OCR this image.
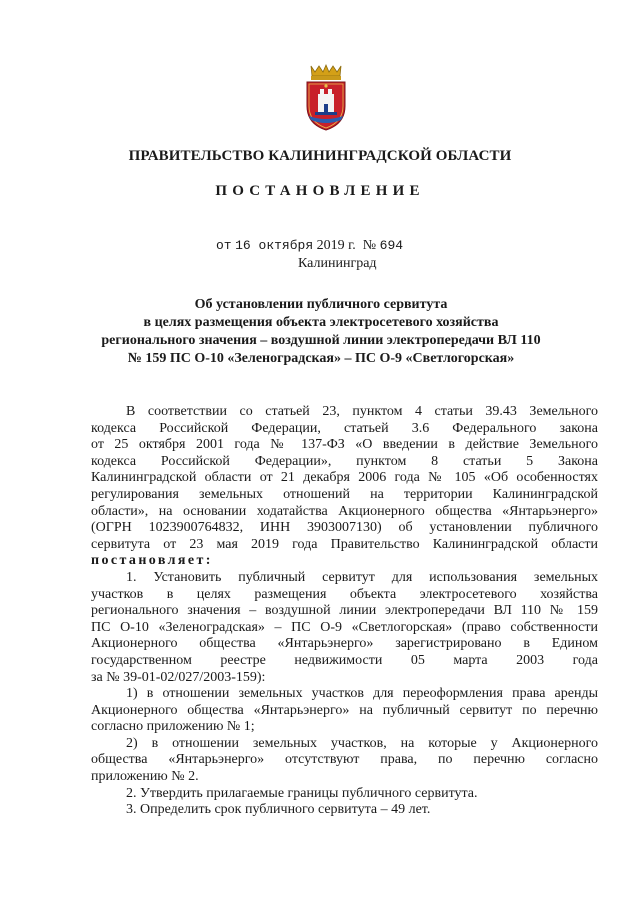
ПРАВИТЕЛЬСТВО КАЛИНИНГРАДСКОЙ ОБЛАСТИ
ПОСТАНОВЛЕНИЕ
от 16 октября 2019 г. № 694
Калининград
Об установлении публичного сервитута
в целях размещения объекта электросетевого хозяйства
регионального значения – воздушной линии электропередачи ВЛ 110
№ 159 ПС О-10 «Зеленоградская» – ПС О-9 «Светлогорская»
В соответствии со статьей 23, пунктом 4 статьи 39.43 Земельного
кодекса Российской Федерации, статьей 3.6 Федерального закона
от 25 октября 2001 года № 137-ФЗ «О введении в действие Земельного
кодекса Российской Федерации», пунктом 8 статьи 5 Закона
Калининградской области от 21 декабря 2006 года № 105 «Об особенностях
регулирования земельных отношений на территории Калининградской
области», на основании ходатайства Акционерного общества «Янтарьэнерго»
(ОГРН 1023900764832, ИНН 3903007130) об установлении публичного
сервитута от 23 мая 2019 года Правительство Калининградской области
постановляет:
1. Установить публичный сервитут для использования земельных
участков в целях размещения объекта электросетевого хозяйства
регионального значения – воздушной линии электропередачи ВЛ 110 № 159
ПС О-10 «Зеленоградская» – ПС О-9 «Светлогорская» (право собственности
Акционерного общества «Янтарьэнерго» зарегистрировано в Едином
государственном реестре недвижимости 05 марта 2003 года
за № 39-01-02/027/2003-159):
1) в отношении земельных участков для переоформления права аренды
Акционерного общества «Янтарьэнерго» на публичный сервитут по перечню
согласно приложению № 1;
2) в отношении земельных участков, на которые у Акционерного
общества «Янтарьэнерго» отсутствуют права, по перечню согласно
приложению № 2.
2. Утвердить прилагаемые границы публичного сервитута.
3. Определить срок публичного сервитута – 49 лет.
